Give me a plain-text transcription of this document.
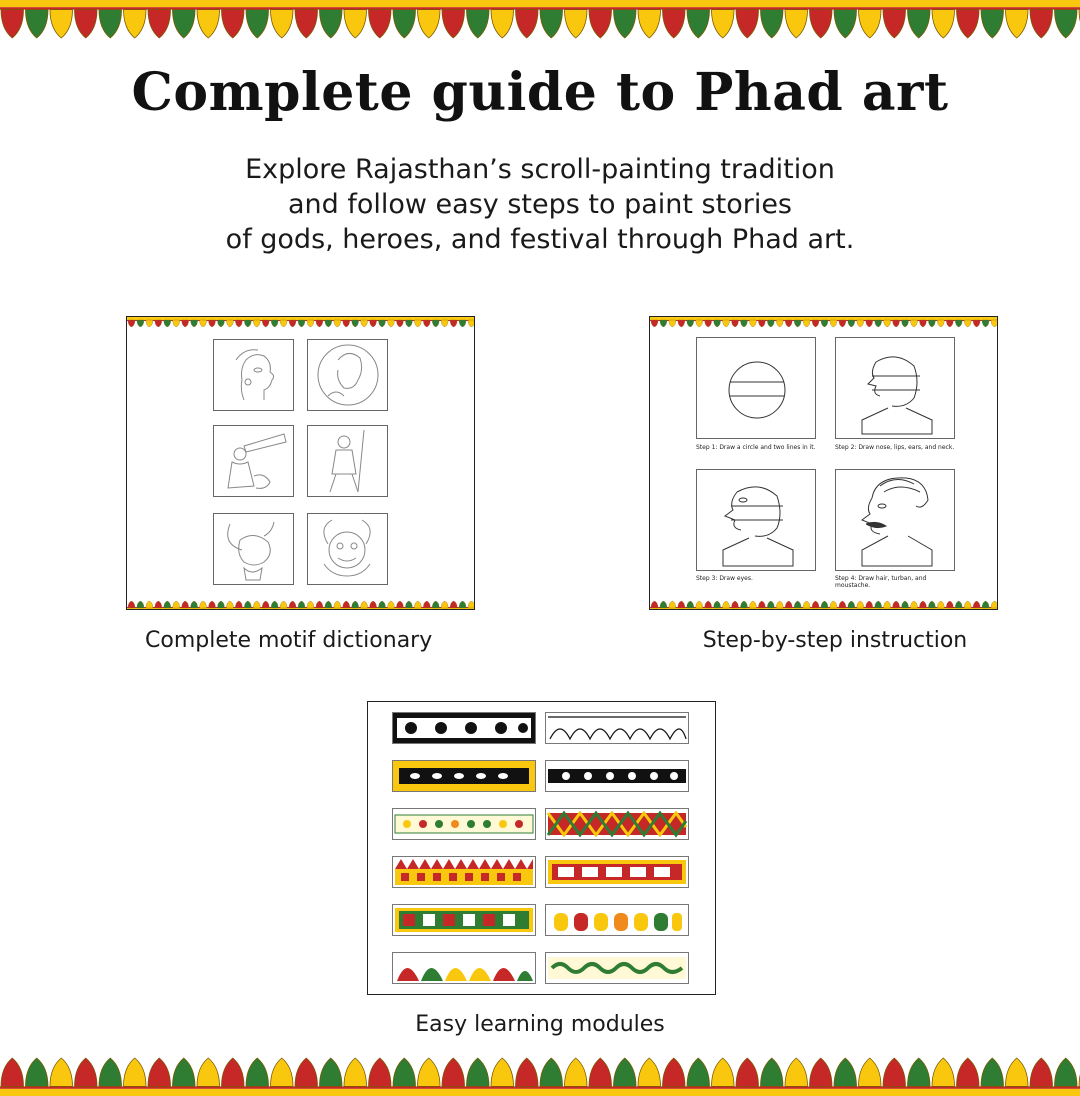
Complete guide to Phad art
Explore Rajasthan’s scroll-painting tradition
and follow easy steps to paint stories
of gods, heroes, and festival through Phad art.
Complete motif dictionary
Step 1: Draw a circle and two lines in it.	Step 2: Draw nose, lips, ears, and neck.
Step 3: Draw eyes.	Step 4: Draw hair, turban, and moustache.
Step-by-step instruction
Easy learning modules
